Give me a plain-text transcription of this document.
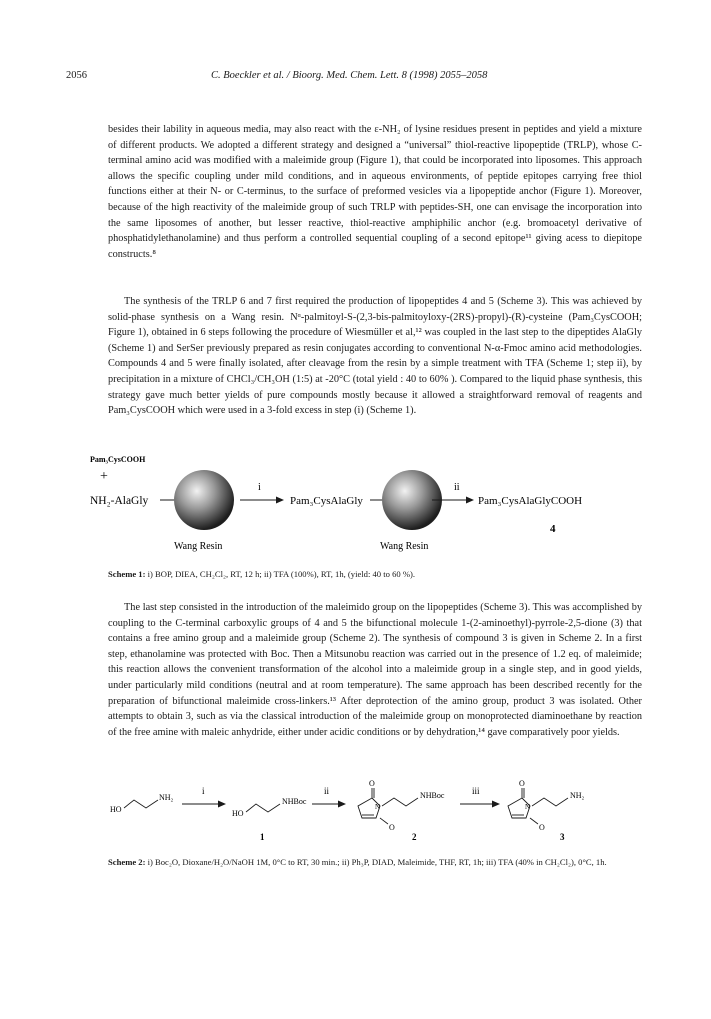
2056	C. Boeckler et al. / Bioorg. Med. Chem. Lett. 8 (1998) 2055–2058

besides their lability in aqueous media, may also react with the ε-NH₂ of lysine residues present in peptides and yield a mixture of different products. We adopted a different strategy and designed a “universal” thiol-reactive lipopeptide (TRLP), whose C-terminal amino acid was modified with a maleimide group (Figure 1), that could be incorporated into liposomes. This approach allows the specific coupling under mild conditions, and in aqueous environments, of peptide epitopes carrying free thiol functions either at their N- or C-terminus, to the surface of preformed vesicles via a lipopeptide anchor (Figure 1). Moreover, because of the high reactivity of the maleimide group of such TRLP with peptides-SH, one can envisage the incorporation into the same liposomes of another, but lesser reactive, thiol-reactive amphiphilic anchor (e.g. bromoacetyl derivative of phosphatidylethanolamine) and thus perform a controlled sequential coupling of a second epitope¹¹ giving acess to diepitope constructs.⁸

The synthesis of the TRLP 6 and 7 first required the production of lipopeptides 4 and 5 (Scheme 3). This was achieved by solid-phase synthesis on a Wang resin. Nᵅ-palmitoyl-S-(2,3-bis-palmitoyloxy-(2RS)-propyl)-(R)-cysteine (Pam₃CysCOOH; Figure 1), obtained in 6 steps following the procedure of Wiesmüller et al,¹² was coupled in the last step to the dipeptides AlaGly (Scheme 1) and SerSer previously prepared as resin conjugates according to conventional N-α-Fmoc amino acid methodologies. Compounds 4 and 5 were finally isolated, after cleavage from the resin by a simple treatment with TFA (Scheme 1; step ii), by precipitation in a mixture of CHCl₃/CH₃OH (1:5) at -20°C (total yield : 40 to 60% ). Compared to the liquid phase synthesis, this strategy gave much better yields of pure compounds mostly because it allowed a straightforward removal of reagents and Pam₃CysCOOH which were used in a 3-fold excess in step (i) (Scheme 1).

Pam₃CysCOOH
+
NH₂-AlaGly
Wang Resin
i
Pam₃CysAlaGly
Wang Resin
ii
Pam₃CysAlaGlyCOOH
4

Scheme 1: i) BOP, DIEA, CH₂Cl₂, RT, 12 h; ii) TFA (100%), RT, 1h, (yield: 40 to 60 %).

The last step consisted in the introduction of the maleimido group on the lipopeptides (Scheme 3). This was accomplished by coupling to the C-terminal carboxylic groups of 4 and 5 the bifunctional molecule 1-(2-aminoethyl)-pyrrole-2,5-dione (3) that contains a free amino group and a maleimide group (Scheme 2). The synthesis of compound 3 is given in Scheme 2. In a first step, ethanolamine was protected with Boc. Then a Mitsunobu reaction was carried out in the presence of 1.2 eq. of maleimide; this reaction allows the convenient transformation of the alcohol into a maleimide group in a single step, and in good yields, under particularly mild conditions (neutral and at room temperature). The same approach has been described recently for the preparation of bifunctional maleimide cross-linkers.¹³ After deprotection of the amino group, product 3 was isolated. Other attempts to obtain 3, such as via the classical introduction of the maleimide group on monoprotected diaminoethane by reaction of the free amine with maleic anhydride, either under acidic conditions or by dehydration,¹⁴ gave comparatively poor yields.

HO
NH₂
i
HO
NHBoc
1
ii
O
N
NHBoc
O
2
iii
O
N
NH₂
O
3

Scheme 2: i) Boc₂O, Dioxane/H₂O/NaOH 1M, 0°C to RT, 30 min.; ii) Ph₃P, DIAD, Maleimide, THF, RT, 1h; iii) TFA (40% in CH₂Cl₂), 0°C, 1h.
